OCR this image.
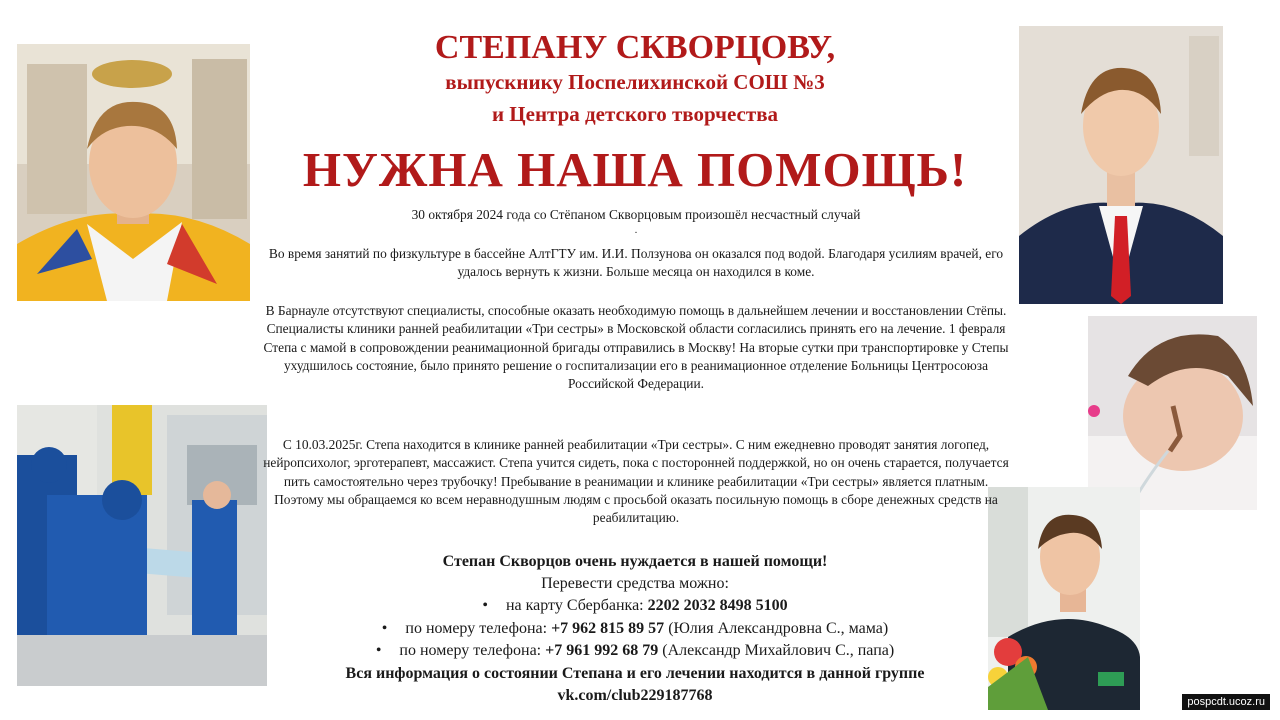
СТЕПАНУ СКВОРЦОВУ,
выпускнику Поспелихинской СОШ №3
и Центра детского творчества
НУЖНА НАША ПОМОЩЬ!
30 октября 2024 года со Стёпаном Скворцовым произошёл несчастный случай
.
Во время занятий по физкультуре в бассейне АлтГТУ им. И.И. Ползунова он оказался под водой. Благодаря усилиям врачей, его удалось вернуть к жизни. Больше месяца он находился в коме.
В Барнауле отсутствуют специалисты, способные оказать необходимую помощь в дальнейшем лечении и восстановлении Стёпы. Специалисты клиники ранней реабилитации «Три сестры» в Московской области согласились принять его на лечение. 1 февраля Степа с мамой в сопровождении реанимационной бригады отправились в Москву! На вторые сутки при транспортировке у Степы ухудшилось состояние, было принято решение о госпитализации его в реанимационное отделение Больницы Центросоюза Российской Федерации.
С 10.03.2025г. Степа находится в клинике ранней реабилитации «Три сестры». С ним ежедневно проводят занятия логопед, нейропсихолог, эрготерапевт, массажист. Степа учится сидеть, пока с посторонней поддержкой, но он очень старается, получается пить самостоятельно через трубочку! Пребывание в реанимации и клинике реабилитации «Три сестры» является платным. Поэтому мы обращаемся ко всем неравнодушным людям с просьбой оказать посильную помощь в сборе денежных средств на реабилитацию.
Степан Скворцов очень нуждается в нашей помощи!
Перевести средства можно:
• на карту Сбербанка: 2202 2032 8498 5100
• по номеру телефона: +7 962 815 89 57 (Юлия Александровна С., мама)
• по номеру телефона: +7 961 992 68 79 (Александр Михайлович С., папа)
Вся информация о состоянии Степана и его лечении находится в данной группе
vk.com/club229187768	pospcdt.ucoz.ru
